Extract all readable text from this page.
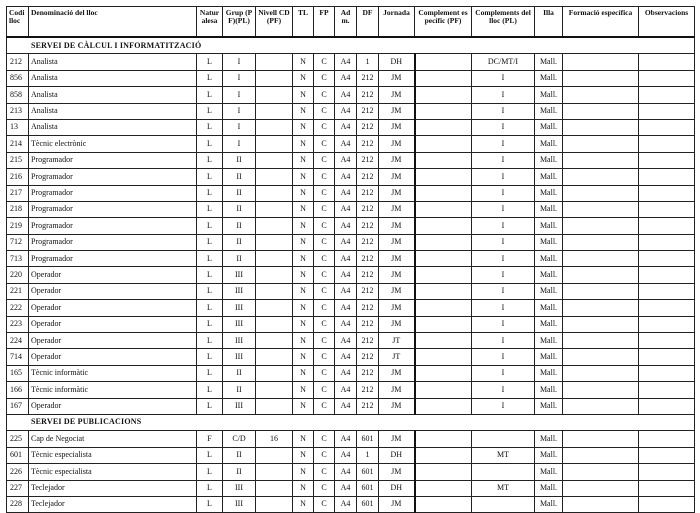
Codi lloc	Denominació del lloc	Naturalesa	Grup (PF)(PL)	Nivell CD (PF)	TL	FP	Adm.	DF	Jornada	Complement específic (PF)	Complements del lloc (PL)	Illa	Formació específica	Observacions
SERVEI DE CÀLCUL I INFORMATITZACIÓ														
212	Analista	L	I		N	C	A4	1	DH		DC/MT/I	Mall.		
856	Analista	L	I		N	C	A4	212	JM		I	Mall.		
858	Analista	L	I		N	C	A4	212	JM		I	Mall.		
213	Analista	L	I		N	C	A4	212	JM		I	Mall.		
13	Analista	L	I		N	C	A4	212	JM		I	Mall.		
214	Tècnic electrònic	L	I		N	C	A4	212	JM		I	Mall.		
215	Programador	L	II		N	C	A4	212	JM		I	Mall.		
216	Programador	L	II		N	C	A4	212	JM		I	Mall.		
217	Programador	L	II		N	C	A4	212	JM		I	Mall.		
218	Programador	L	II		N	C	A4	212	JM		I	Mall.		
219	Programador	L	II		N	C	A4	212	JM		I	Mall.		
712	Programador	L	II		N	C	A4	212	JM		I	Mall.		
713	Programador	L	II		N	C	A4	212	JM		I	Mall.		
220	Operador	L	III		N	C	A4	212	JM		I	Mall.		
221	Operador	L	III		N	C	A4	212	JM		I	Mall.		
222	Operador	L	III		N	C	A4	212	JM		I	Mall.		
223	Operador	L	III		N	C	A4	212	JM		I	Mall.		
224	Operador	L	III		N	C	A4	212	JT		I	Mall.		
714	Operador	L	III		N	C	A4	212	JT		I	Mall.		
165	Tècnic informàtic	L	II		N	C	A4	212	JM		I	Mall.		
166	Tècnic informàtic	L	II		N	C	A4	212	JM		I	Mall.		
167	Operador	L	III		N	C	A4	212	JM		I	Mall.		
SERVEI DE PUBLICACIONS														
225	Cap de Negociat	F	C/D	16	N	C	A4	601	JM			Mall.		
601	Tècnic especialista	L	II		N	C	A4	1	DH		MT	Mall.		
226	Tècnic especialista	L	II		N	C	A4	601	JM			Mall.		
227	Teclejador	L	III		N	C	A4	601	DH		MT	Mall.		
228	Teclejador	L	III		N	C	A4	601	JM			Mall.		
